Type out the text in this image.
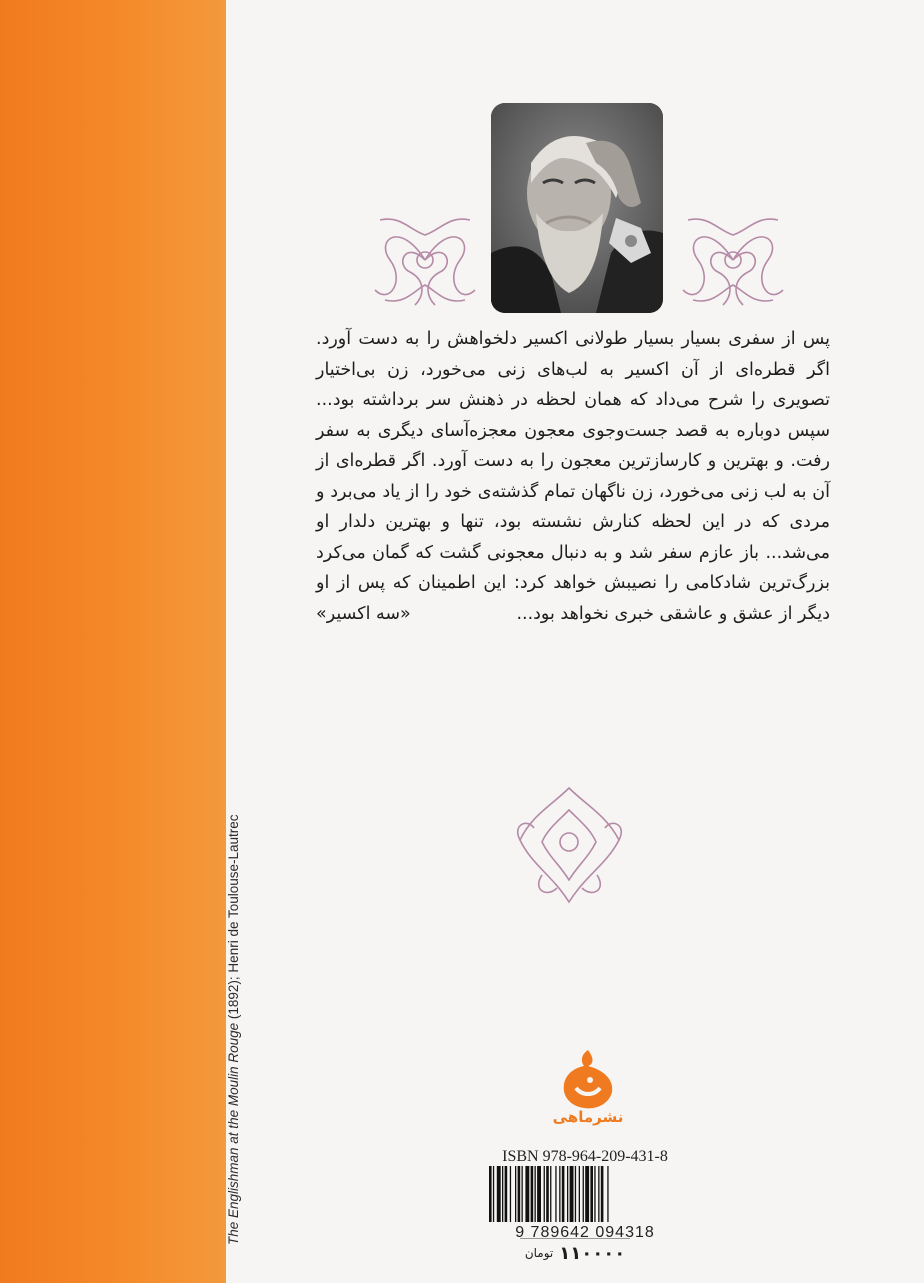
The Englishman at the Moulin Rouge (1892); Henri de Toulouse-Lautrec

پس از سفری بسیار بسیار طولانی اکسیر دلخواهش را به دست آورد. اگر قطره‌ای از آن اکسیر به لب‌های زنی می‌خورد، زن بی‌اختیار تصویری را شرح می‌داد که همان لحظه در ذهنش سر برداشته بود... سپس دوباره به قصد جست‌وجوی معجون معجزه‌آسای دیگری به سفر رفت. و بهترین و کارسازترین معجون را به دست آورد. اگر قطره‌ای از آن به لب زنی می‌خورد، زن ناگهان تمام گذشته‌ی خود را از یاد می‌برد و مردی که در این لحظه کنارش نشسته بود، تنها و بهترین دلدار او می‌شد... باز عازم سفر شد و به دنبال معجونی گشت که گمان می‌کرد بزرگ‌ترین شادکامی را نصیبش خواهد کرد: این اطمینان که پس از او دیگر از عشق و عاشقی خبری نخواهد بود...
«سه اکسیر»

نشرماهی
ISBN 978-964-209-431-8
9 789642 094318
۱۱۰۰۰۰
تومان
